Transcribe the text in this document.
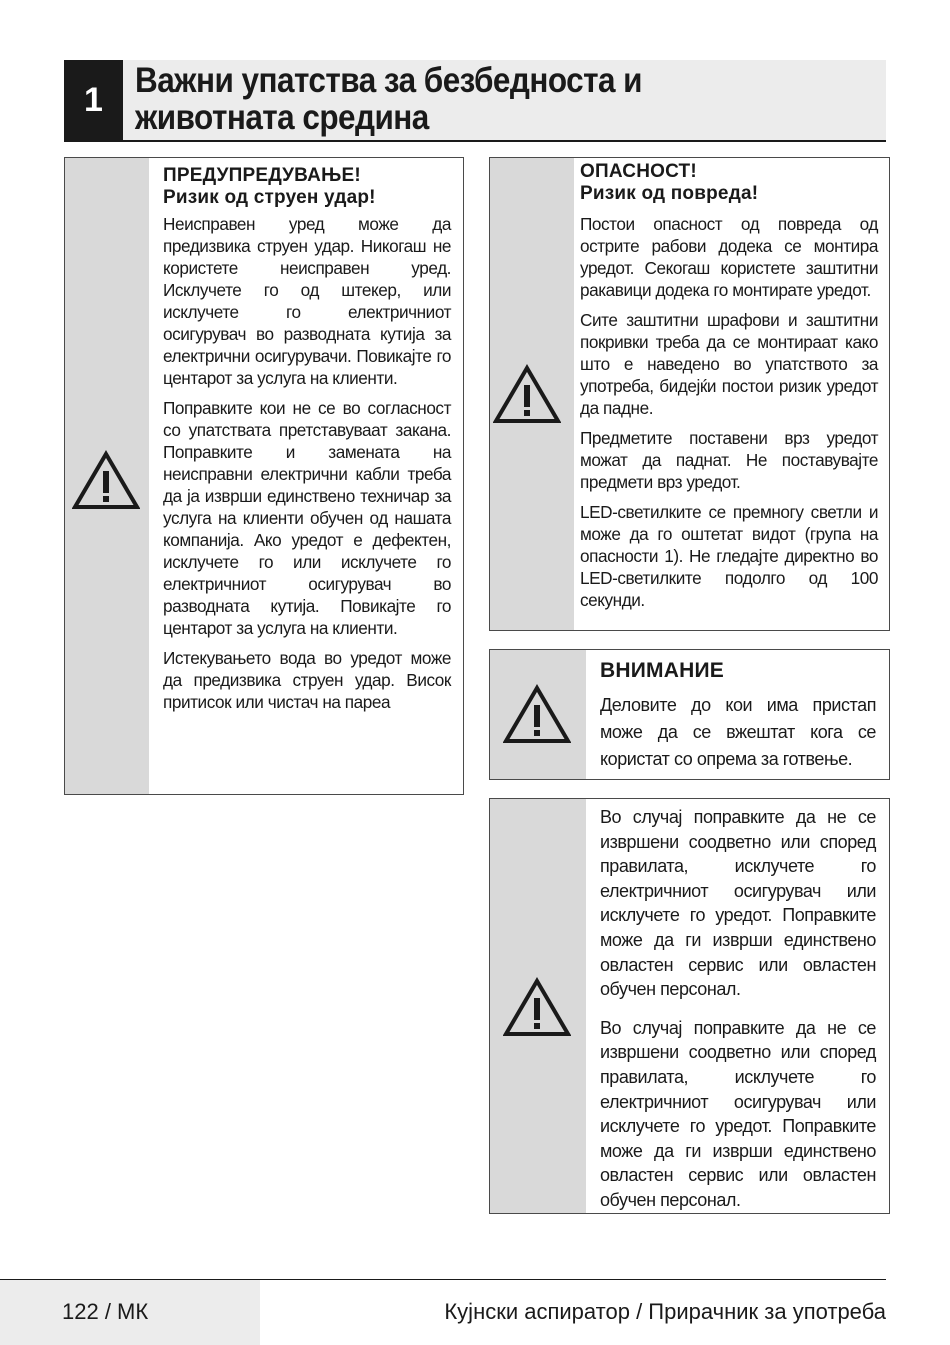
1 Важни упатства за безбедноста и животната средина

ПРЕДУПРЕДУВАЊЕ!

Ризик од струен удар!

Неисправен уред може да предизвика струен удар. Никогаш не користете неисправен уред. Исклучете го од штекер, или исклучете го електричниот осигурувач во разводната кутија за електрични осигурувачи. Повикајте го центарот за услуга на клиенти.

Поправките кои не се во согласност со упатствата претставуваат закана. Поправките и замената на неисправни електрични кабли треба да ја изврши единствено техничар за услуга на клиенти обучен од нашата компанија. Ако уредот е дефектен, исклучете го или исклучете го електричниот осигурувач во разводната кутија. Повикајте го центарот за услуга на клиенти.

Истекувањето вода во уредот може да предизвика струен удар. Висок притисок или чистач на пареа

ОПАСНОСТ!

Ризик од повреда!

Постои опасност од повреда од острите рабови додека се монтира уредот. Секогаш користете заштитни ракавици додека го монтирате уредот.

Сите заштитни шрафови и заштитни покривки треба да се монтираат како што е наведено во упатството за употреба, бидејќи постои ризик уредот да падне.

Предметите поставени врз уредот можат да паднат. Не поставувајте предмети врз уредот.

LED-светилките се премногу светли и може да го оштетат видот (група на опасности 1). Не гледајте директно во LED-светилките подолго од 100 секунди.

ВНИМАНИЕ

Деловите до кои има пристап може да се вжештат кога се користат со опрема за готвење.

Во случај поправките да не се извршени соодветно или според правилата, исклучете го електричниот осигурувач или исклучете го уредот. Поправките може да ги изврши единствено овластен сервис или овластен обучен персонал.

Во случај поправките да не се извршени соодветно или според правилата, исклучете го електричниот осигурувач или исклучете го уредот. Поправките може да ги изврши единствено овластен сервис или овластен обучен персонал.

122 / МК	Кујнски аспиратор / Прирачник за употреба
